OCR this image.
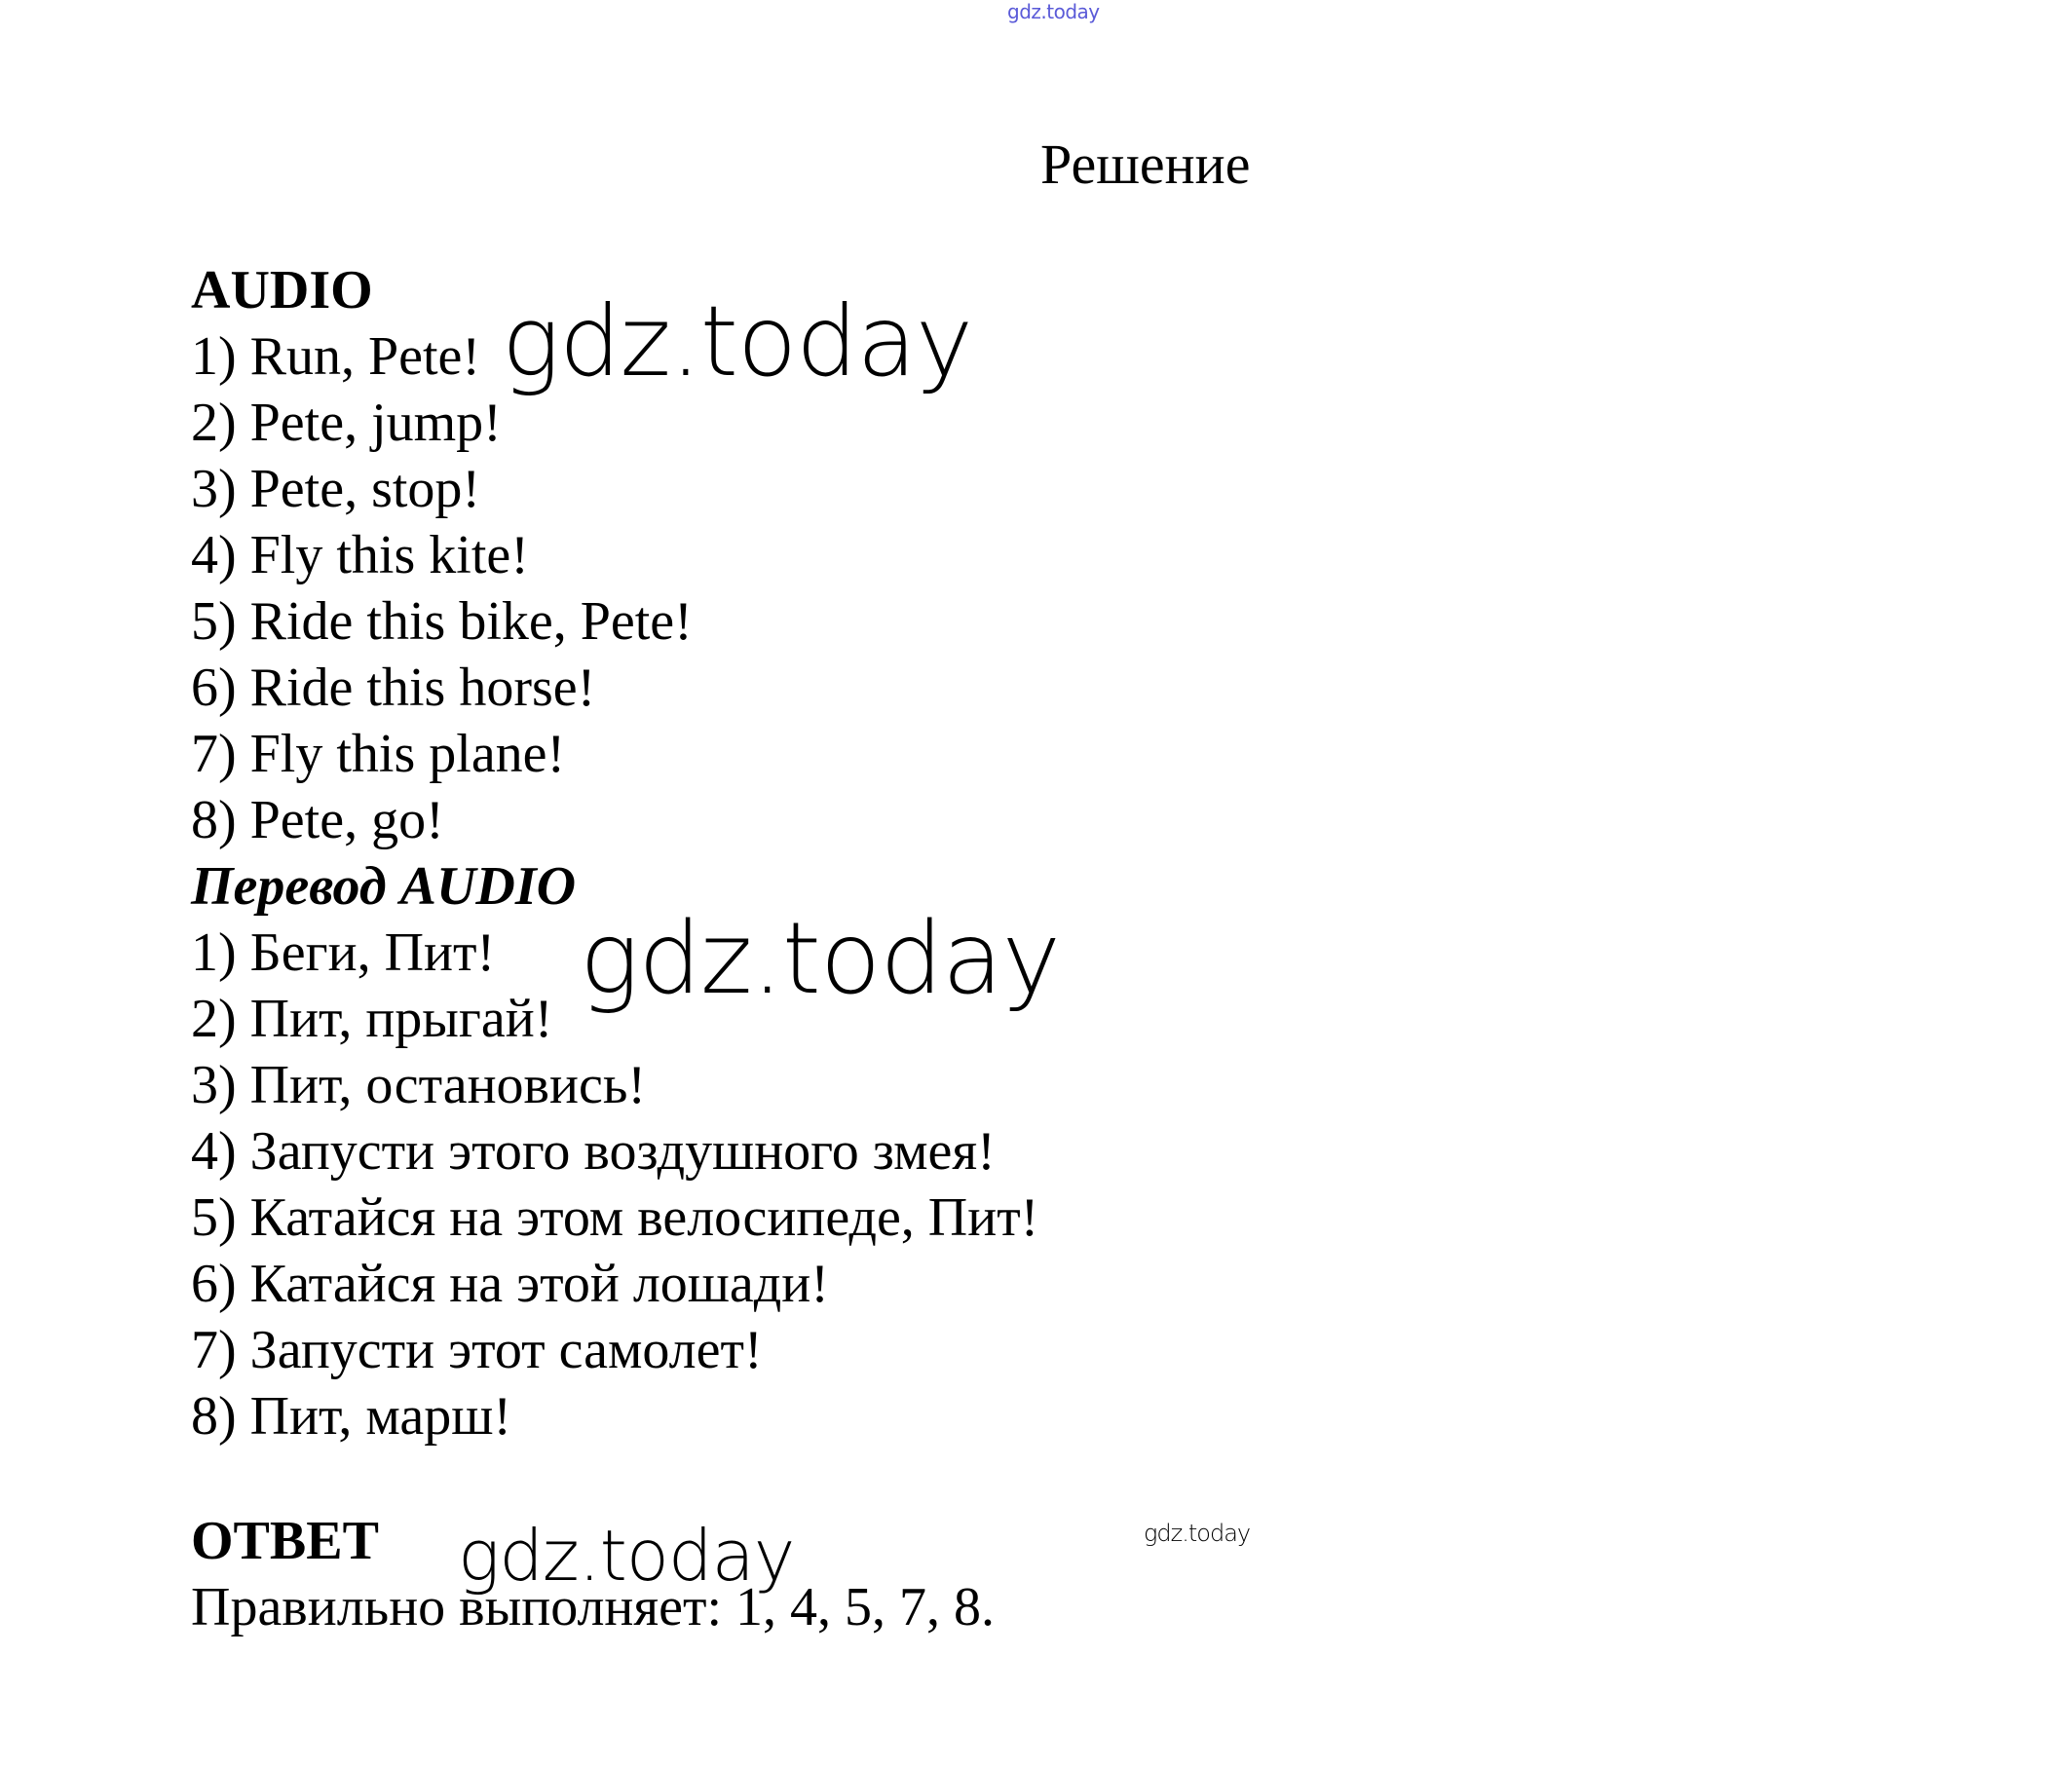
gdz.today
Решение
AUDIO
1) Run, Pete!
2) Pete, jump!
3) Pete, stop!
4) Fly this kite!
5) Ride this bike, Pete!
6) Ride this horse!
7) Fly this plane!
8) Pete, go!
Перевод AUDIO
1) Беги, Пит!
2) Пит, прыгай!
3) Пит, остановись!
4) Запусти этого воздушного змея!
5) Катайся на этом велосипеде, Пит!
6) Катайся на этой лошади!
7) Запусти этот самолет!
8) Пит, марш!
ОТВЕТ
Правильно выполняет: 1, 4, 5, 7, 8.
gdz.today
gdz.today
gdz.today	gdz.today
